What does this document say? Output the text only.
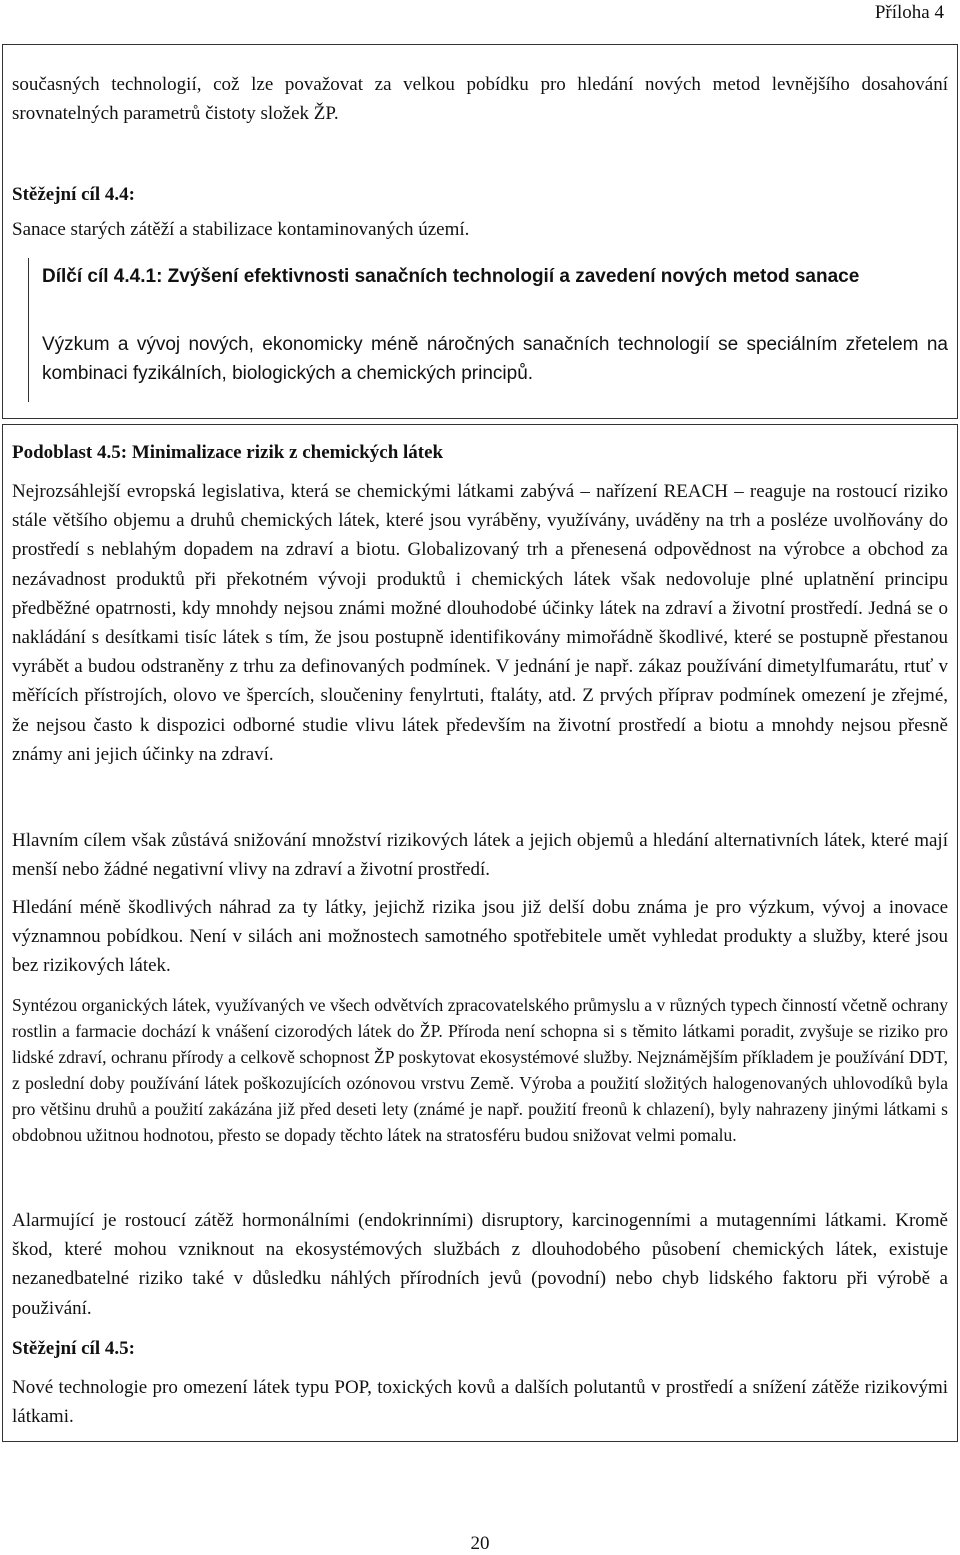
Příloha 4

současných technologií, což lze považovat za velkou pobídku pro hledání nových metod levnějšího dosahování srovnatelných parametrů čistoty složek ŽP.

Stěžejní cíl 4.4:

Sanace starých zátěží a stabilizace kontaminovaných území.

Dílčí cíl 4.4.1: Zvýšení efektivnosti sanačních technologií a zavedení nových metod sanace

Výzkum a vývoj nových, ekonomicky méně náročných sanačních technologií se speciálním zřetelem na kombinaci fyzikálních, biologických a chemických principů.

Podoblast 4.5: Minimalizace rizik z chemických látek

Nejrozsáhlejší evropská legislativa, která se chemickými látkami zabývá – nařízení REACH – reaguje na rostoucí riziko stále většího objemu a druhů chemických látek, které jsou vyráběny, využívány, uváděny na trh a posléze uvolňovány do prostředí s neblahým dopadem na zdraví a biotu. Globalizovaný trh a přenesená odpovědnost na výrobce a obchod za nezávadnost produktů při překotném vývoji produktů i chemických látek však nedovoluje plné uplatnění principu předběžné opatrnosti, kdy mnohdy nejsou známi možné dlouhodobé účinky látek na zdraví a životní prostředí. Jedná se o nakládání s desítkami tisíc látek s tím, že jsou postupně identifikovány mimořádně škodlivé, které se postupně přestanou vyrábět a budou odstraněny z trhu za definovaných podmínek. V jednání je např. zákaz používání dimetylfumarátu, rtuť v měřících přístrojích, olovo ve špercích, sloučeniny fenylrtuti, ftaláty, atd. Z prvých příprav podmínek omezení je zřejmé, že nejsou často k dispozici odborné studie vlivu látek především na životní prostředí a biotu a mnohdy nejsou přesně známy ani jejich účinky na zdraví.

Hlavním cílem však zůstává snižování množství rizikových látek a jejich objemů a hledání alternativních látek, které mají menší nebo žádné negativní vlivy na zdraví a životní prostředí.

Hledání méně škodlivých náhrad za ty látky, jejichž rizika jsou již delší dobu známa je pro výzkum, vývoj a inovace významnou pobídkou. Není v silách ani možnostech samotného spotřebitele umět vyhledat produkty a služby, které jsou bez rizikových látek.

Syntézou organických látek, využívaných ve všech odvětvích zpracovatelského průmyslu a v různých typech činností včetně ochrany rostlin a farmacie dochází k vnášení cizorodých látek do ŽP. Příroda není schopna si s těmito látkami poradit, zvyšuje se riziko pro lidské zdraví, ochranu přírody a celkově schopnost ŽP poskytovat ekosystémové služby. Nejznámějším příkladem je používání DDT, z poslední doby používání látek poškozujících ozónovou vrstvu Země. Výroba a použití složitých halogenovaných uhlovodíků byla pro většinu druhů a použití zakázána již před deseti lety (známé je např. použití freonů k chlazení), byly nahrazeny jinými látkami s obdobnou užitnou hodnotou, přesto se dopady těchto látek na stratosféru budou snižovat velmi pomalu.

Alarmující je rostoucí zátěž hormonálními (endokrinními) disruptory, karcinogenními a mutagenními látkami. Kromě škod, které mohou vzniknout na ekosystémových službách z dlouhodobého působení chemických látek, existuje nezanedbatelné riziko také v důsledku náhlých přírodních jevů (povodní) nebo chyb lidského faktoru při výrobě a použivání.

Stěžejní cíl 4.5:

Nové technologie pro omezení látek typu POP, toxických kovů a dalších polutantů v prostředí a snížení zátěže rizikovými látkami.

20
